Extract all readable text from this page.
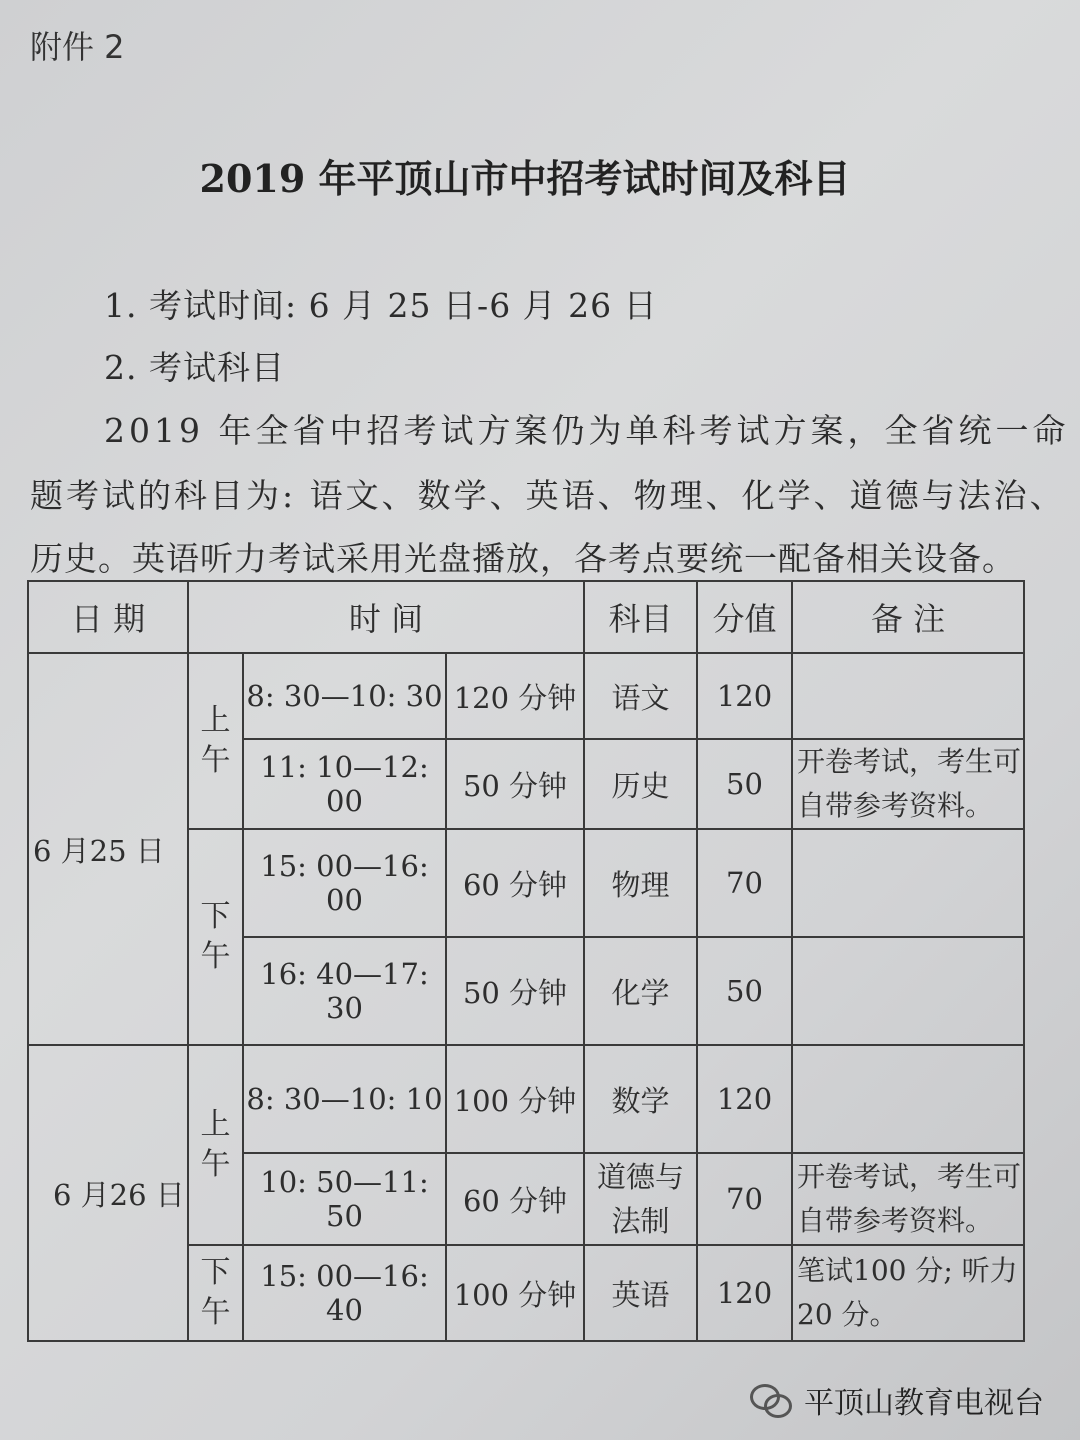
附件 2
2019 年平顶山市中招考试时间及科目
1. 考试时间: 6 月 25 日-6 月 26 日
2. 考试科目
2019 年全省中招考试方案仍为单科考试方案，全省统一命
题考试的科目为: 语文、数学、英语、物理、化学、道德与法治、
历史。英语听力考试采用光盘播放，各考点要统一配备相关设备。
日 期	时 间			科目	分值	备 注
6 月25 日	上午	8: 30—10: 30	120 分钟	语文	120	
		11: 10—12: 00	50 分钟	历史	50	开卷考试，考生可自带参考资料。
	下午	15: 00—16: 00	60 分钟	物理	70	
		16: 40—17: 30	50 分钟	化学	50	
6 月26 日	上午	8: 30—10: 10	100 分钟	数学	120	
		10: 50—11: 50	60 分钟	道德与法制	70	开卷考试，考生可自带参考资料。
	下午	15: 00—16: 40	100 分钟	英语	120	笔试100 分; 听力 20 分。
平顶山教育电视台
